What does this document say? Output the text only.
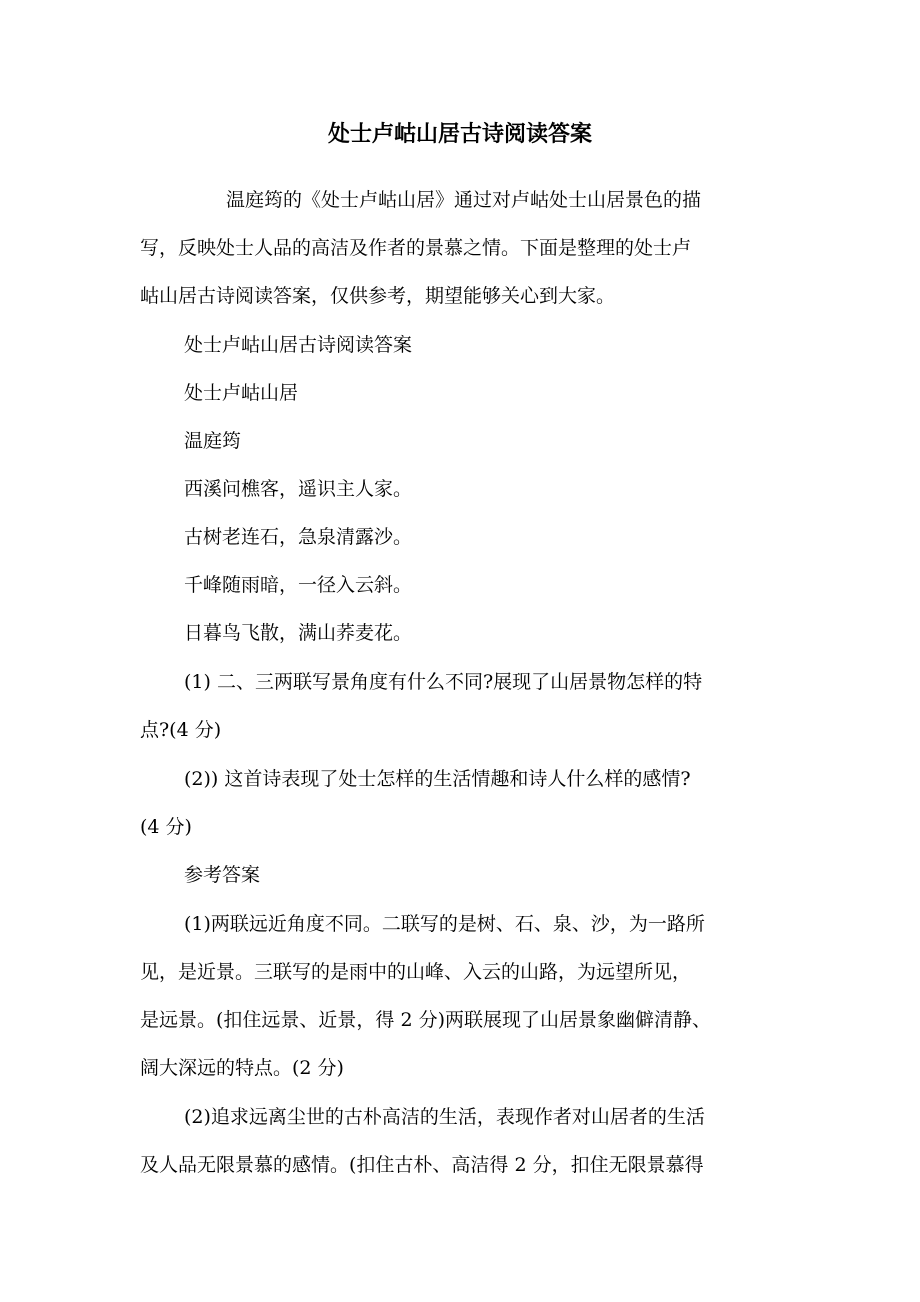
处士卢岵山居古诗阅读答案
温庭筠的《处士卢岵山居》通过对卢岵处士山居景色的描
写，反映处士人品的高洁及作者的景慕之情。下面是整理的处士卢
岵山居古诗阅读答案，仅供参考，期望能够关心到大家。
处士卢岵山居古诗阅读答案
处士卢岵山居
温庭筠
西溪问樵客，遥识主人家。
古树老连石，急泉清露沙。
千峰随雨暗，一径入云斜。
日暮鸟飞散，满山荞麦花。
(1) 二、三两联写景角度有什么不同?展现了山居景物怎样的特
点?(4 分)
(2)) 这首诗表现了处士怎样的生活情趣和诗人什么样的感情?
(4 分)
参考答案
(1)两联远近角度不同。二联写的是树、石、泉、沙，为一路所
见，是近景。三联写的是雨中的山峰、入云的山路，为远望所见，
是远景。(扣住远景、近景，得 2 分)两联展现了山居景象幽僻清静、
阔大深远的特点。(2 分)
(2)追求远离尘世的古朴高洁的生活，表现作者对山居者的生活
及人品无限景慕的感情。(扣住古朴、高洁得 2 分，扣住无限景慕得
